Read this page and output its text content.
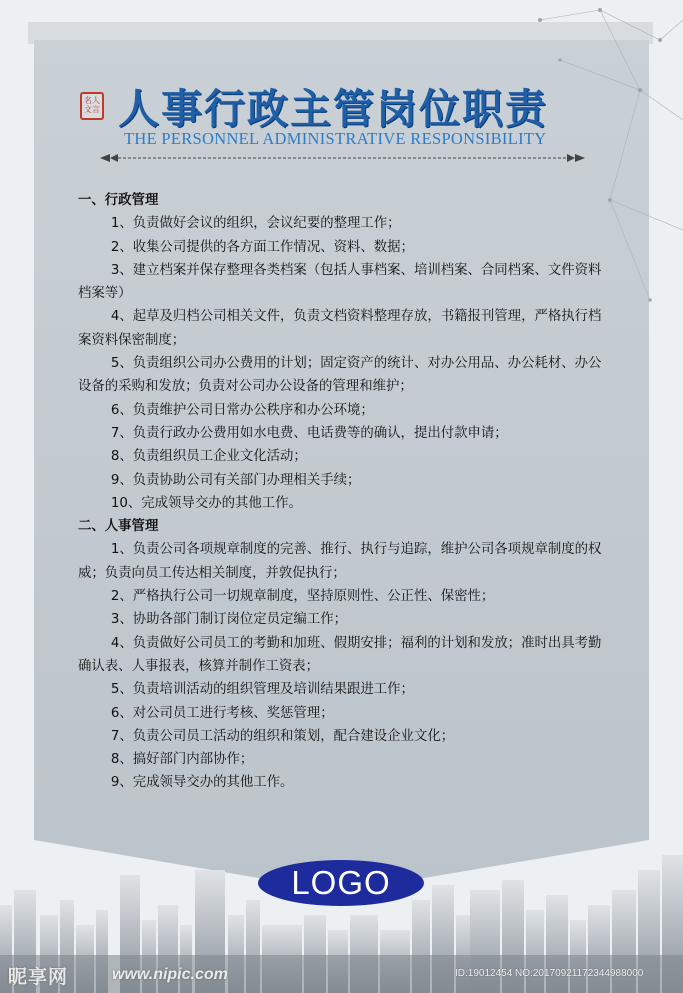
名人文言 人事行政主管岗位职责
THE PERSONNEL ADMINISTRATIVE RESPONSIBILITY
一、行政管理
1、负责做好会议的组织，会议纪要的整理工作；
2、收集公司提供的各方面工作情况、资料、数据；
3、建立档案并保存整理各类档案（包括人事档案、培训档案、合同档案、文件资料档案等）
4、起草及归档公司相关文件，负责文档资料整理存放，书籍报刊管理，严格执行档案资料保密制度；
5、负责组织公司办公费用的计划；固定资产的统计、对办公用品、办公耗材、办公设备的采购和发放；负责对公司办公设备的管理和维护；
6、负责维护公司日常办公秩序和办公环境；
7、负责行政办公费用如水电费、电话费等的确认，提出付款申请；
8、负责组织员工企业文化活动；
9、负责协助公司有关部门办理相关手续；
10、完成领导交办的其他工作。
二、人事管理
1、负责公司各项规章制度的完善、推行、执行与追踪，维护公司各项规章制度的权威；负责向员工传达相关制度，并敦促执行；
2、严格执行公司一切规章制度，坚持原则性、公正性、保密性；
3、协助各部门制订岗位定员定编工作；
4、负责做好公司员工的考勤和加班、假期安排；福利的计划和发放；准时出具考勤确认表、人事报表，核算并制作工资表；
5、负责培训活动的组织管理及培训结果跟进工作；
6、对公司员工进行考核、奖惩管理；
7、负责公司员工活动的组织和策划，配合建设企业文化；
8、搞好部门内部协作；
9、完成领导交办的其他工作。
LOGO
昵享网	www.nipic.com	ID:19012454 NO:20170921172344988000
